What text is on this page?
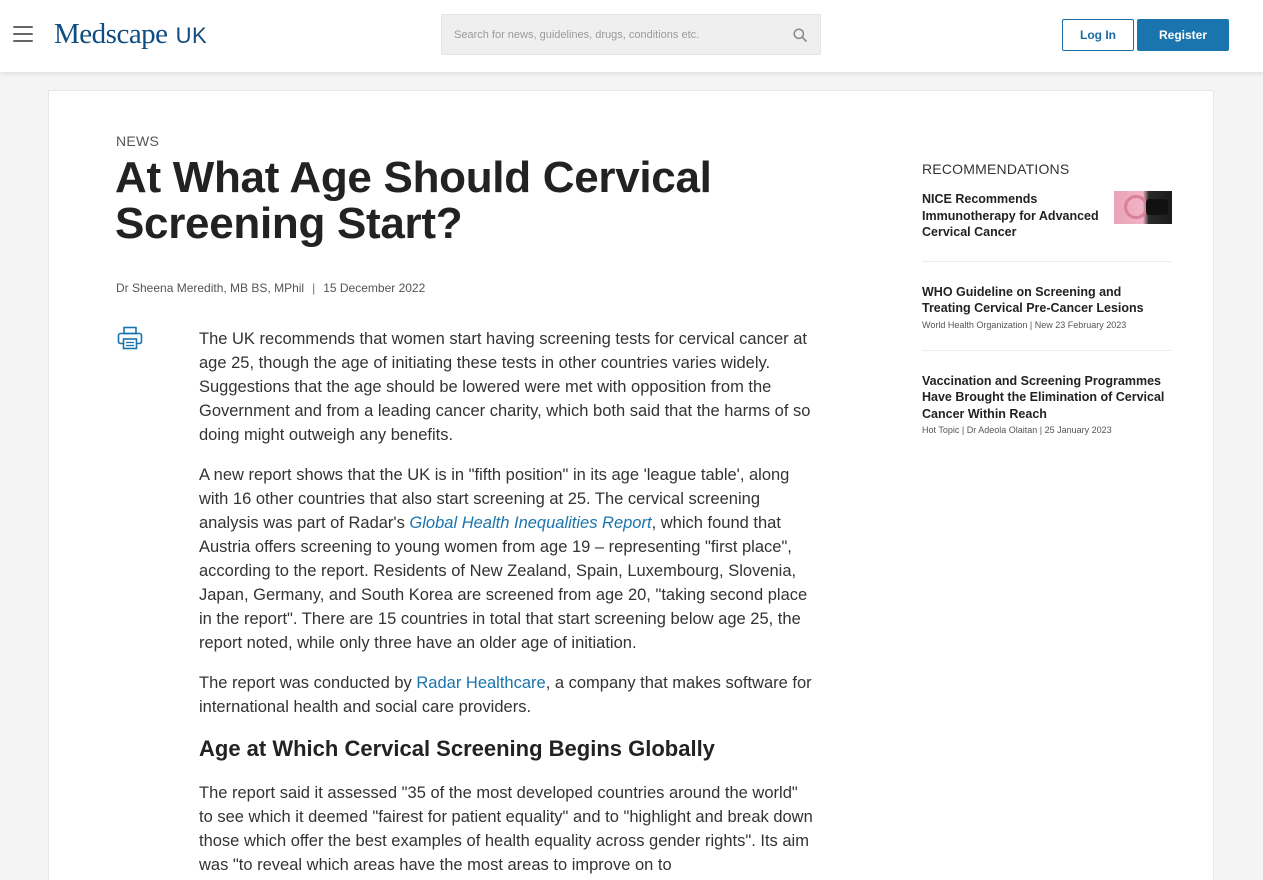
Medscape UK
Search for news, guidelines, drugs, conditions etc.	Log In	Register
NEWS
At What Age Should Cervical Screening Start?
Dr Sheena Meredith, MB BS, MPhil | 15 December 2022

The UK recommends that women start having screening tests for cervical cancer at age 25, though the age of initiating these tests in other countries varies widely. Suggestions that the age should be lowered were met with opposition from the Government and from a leading cancer charity, which both said that the harms of so doing might outweigh any benefits.

A new report shows that the UK is in "fifth position" in its age 'league table', along with 16 other countries that also start screening at 25. The cervical screening analysis was part of Radar's Global Health Inequalities Report, which found that Austria offers screening to young women from age 19 – representing "first place", according to the report. Residents of New Zealand, Spain, Luxembourg, Slovenia, Japan, Germany, and South Korea are screened from age 20, "taking second place in the report". There are 15 countries in total that start screening below age 25, the report noted, while only three have an older age of initiation.

The report was conducted by Radar Healthcare, a company that makes software for international health and social care providers.

Age at Which Cervical Screening Begins Globally

The report said it assessed "35 of the most developed countries around the world" to see which it deemed "fairest for patient equality" and to "highlight and break down those which offer the best examples of health equality across gender rights". Its aim was "to reveal which areas have the most areas to improve on to

RECOMMENDATIONS
NICE Recommends Immunotherapy for Advanced Cervical Cancer
WHO Guideline on Screening and Treating Cervical Pre-Cancer Lesions
World Health Organization | New 23 February 2023
Vaccination and Screening Programmes Have Brought the Elimination of Cervical Cancer Within Reach
Hot Topic | Dr Adeola Olaitan | 25 January 2023
